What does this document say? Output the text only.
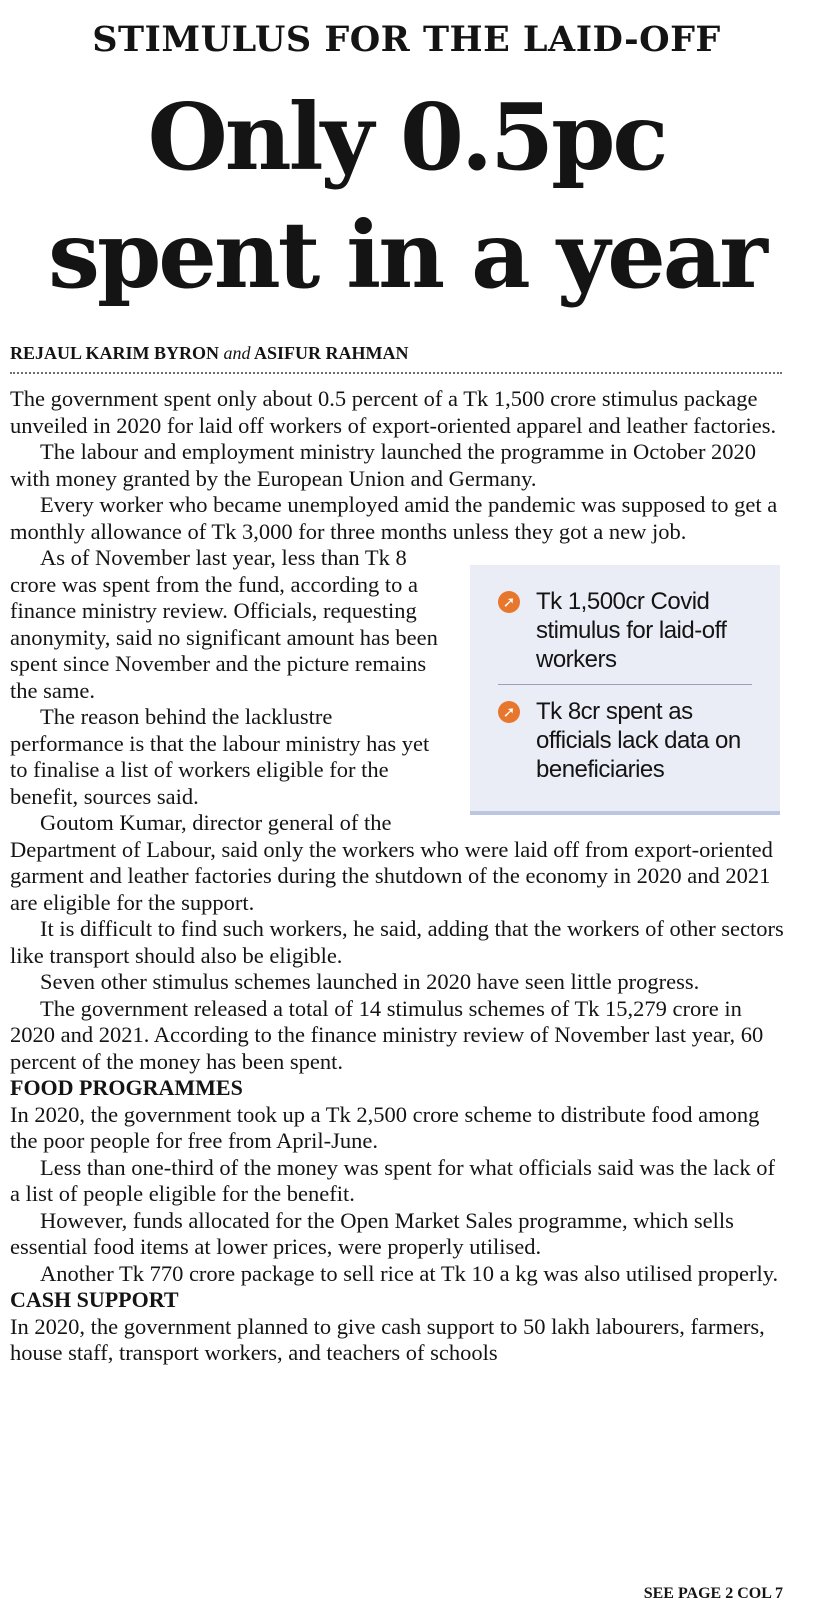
STIMULUS FOR THE LAID-OFF
Only 0.5pc
spent in a year

REJAUL KARIM BYRON and ASIFUR RAHMAN

The government spent only about 0.5 percent of a Tk 1,500 crore stimulus package unveiled in 2020 for laid off workers of export-oriented apparel and leather factories.

The labour and employment ministry launched the programme in October 2020 with money granted by the European Union and Germany.

Every worker who became unemployed amid the pandemic was supposed to get a monthly allowance of Tk 3,000 for three months unless they got a new job.

➚ Tk 1,500cr Covid stimulus for laid-off workers
➚ Tk 8cr spent as officials lack data on beneficiaries

As of November last year, less than Tk 8 crore was spent from the fund, according to a finance ministry review. Officials, requesting anonymity, said no significant amount has been spent since November and the picture remains the same.

The reason behind the lacklustre performance is that the labour ministry has yet to finalise a list of workers eligible for the benefit, sources said.

Goutom Kumar, director general of the Department of Labour, said only the workers who were laid off from export-oriented garment and leather factories during the shutdown of the economy in 2020 and 2021 are eligible for the support.

It is difficult to find such workers, he said, adding that the workers of other sectors like transport should also be eligible.

Seven other stimulus schemes launched in 2020 have seen little progress.

The government released a total of 14 stimulus schemes of Tk 15,279 crore in 2020 and 2021. According to the finance ministry review of November last year, 60 percent of the money has been spent.

FOOD PROGRAMMES

In 2020, the government took up a Tk 2,500 crore scheme to distribute food among the poor people for free from April-June.

Less than one-third of the money was spent for what officials said was the lack of a list of people eligible for the benefit.

However, funds allocated for the Open Market Sales programme, which sells essential food items at lower prices, were properly utilised.

Another Tk 770 crore package to sell rice at Tk 10 a kg was also utilised properly.

CASH SUPPORT

In 2020, the government planned to give cash support to 50 lakh labourers, farmers, house staff, transport workers, and teachers of schools

SEE PAGE 2 COL 7
